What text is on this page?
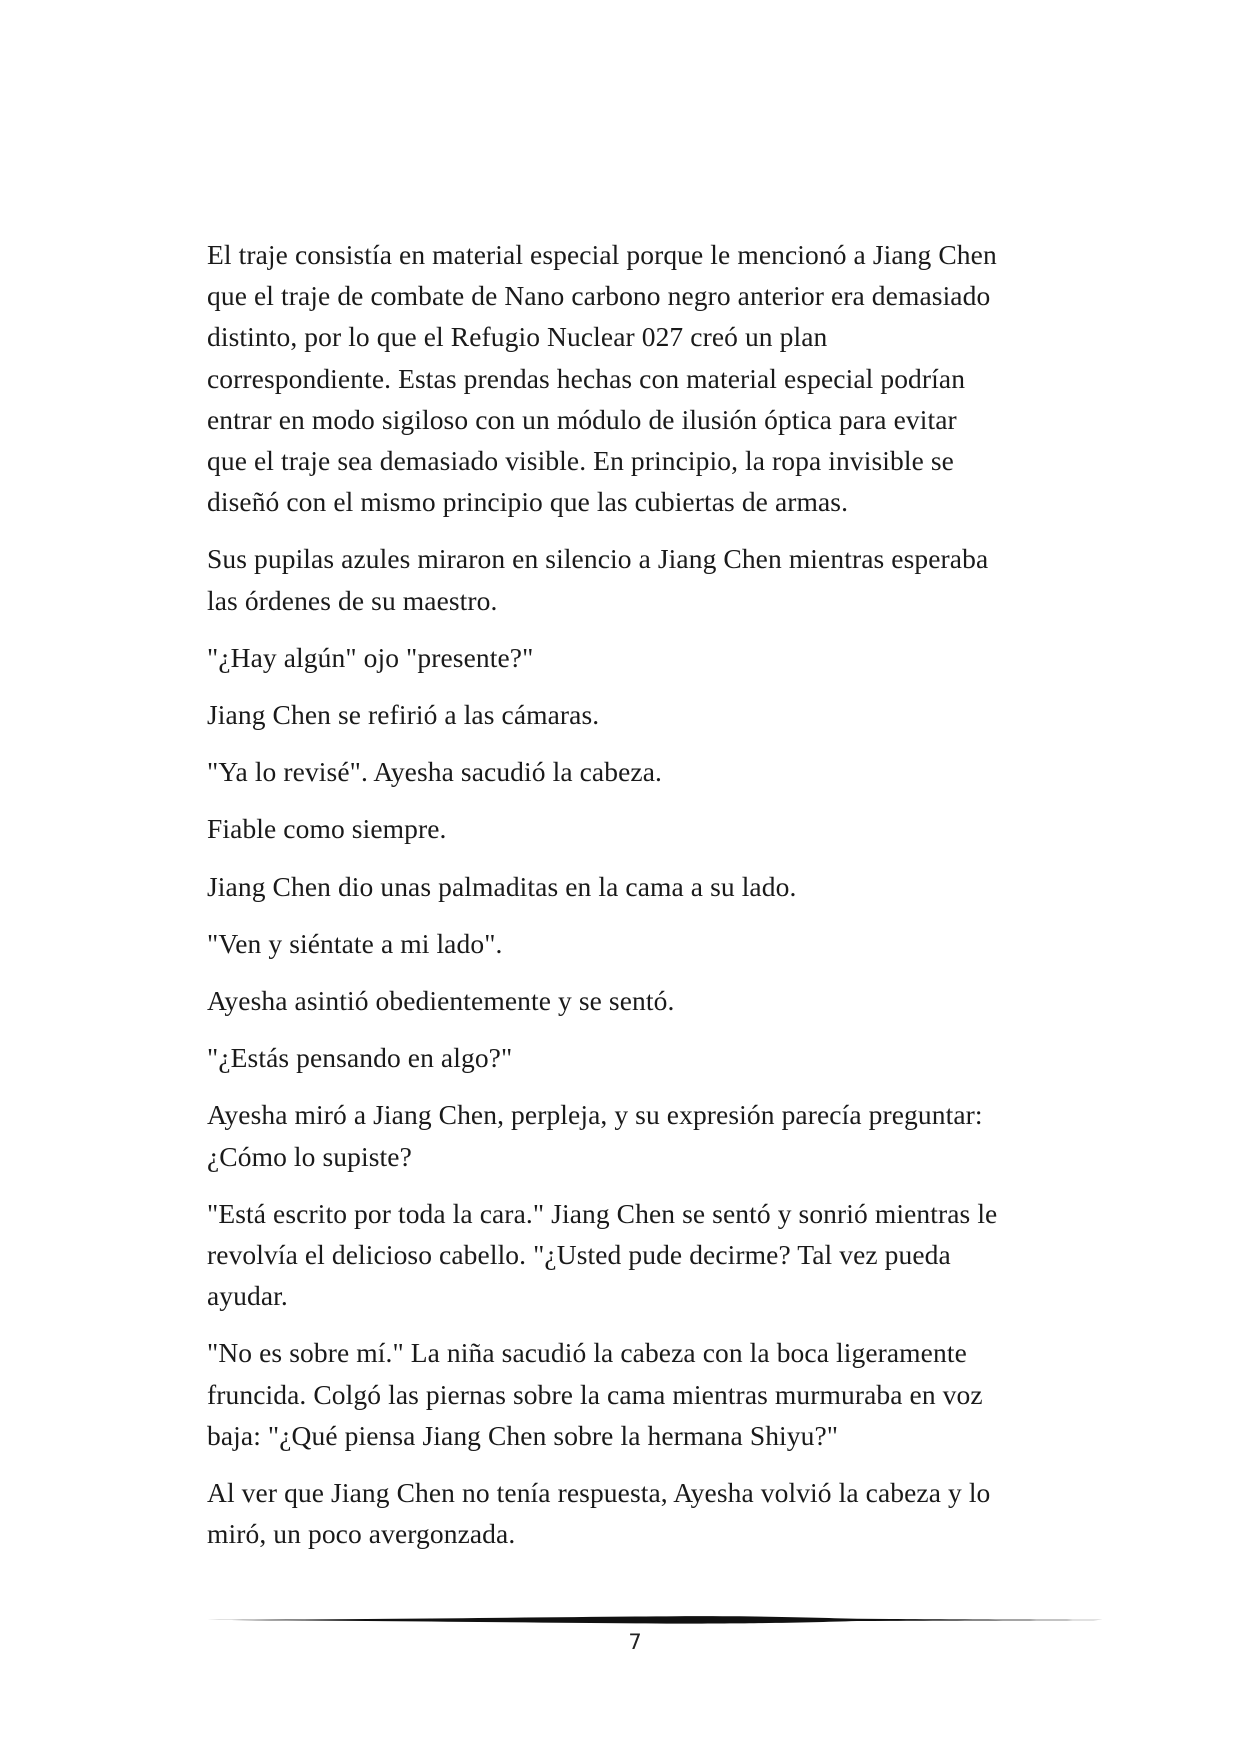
El traje consistía en material especial porque le mencionó a Jiang Chen
que el traje de combate de Nano carbono negro anterior era demasiado
distinto, por lo que el Refugio Nuclear 027 creó un plan
correspondiente. Estas prendas hechas con material especial podrían
entrar en modo sigiloso con un módulo de ilusión óptica para evitar
que el traje sea demasiado visible. En principio, la ropa invisible se
diseñó con el mismo principio que las cubiertas de armas.

Sus pupilas azules miraron en silencio a Jiang Chen mientras esperaba
las órdenes de su maestro.

"¿Hay algún" ojo "presente?"

Jiang Chen se refirió a las cámaras.

"Ya lo revisé". Ayesha sacudió la cabeza.

Fiable como siempre.

Jiang Chen dio unas palmaditas en la cama a su lado.

"Ven y siéntate a mi lado".

Ayesha asintió obedientemente y se sentó.

"¿Estás pensando en algo?"

Ayesha miró a Jiang Chen, perpleja, y su expresión parecía preguntar:
¿Cómo lo supiste?

"Está escrito por toda la cara." Jiang Chen se sentó y sonrió mientras le
revolvía el delicioso cabello. "¿Usted pude decirme? Tal vez pueda
ayudar.

"No es sobre mí." La niña sacudió la cabeza con la boca ligeramente
fruncida. Colgó las piernas sobre la cama mientras murmuraba en voz
baja: "¿Qué piensa Jiang Chen sobre la hermana Shiyu?"

Al ver que Jiang Chen no tenía respuesta, Ayesha volvió la cabeza y lo
miró, un poco avergonzada.

7
